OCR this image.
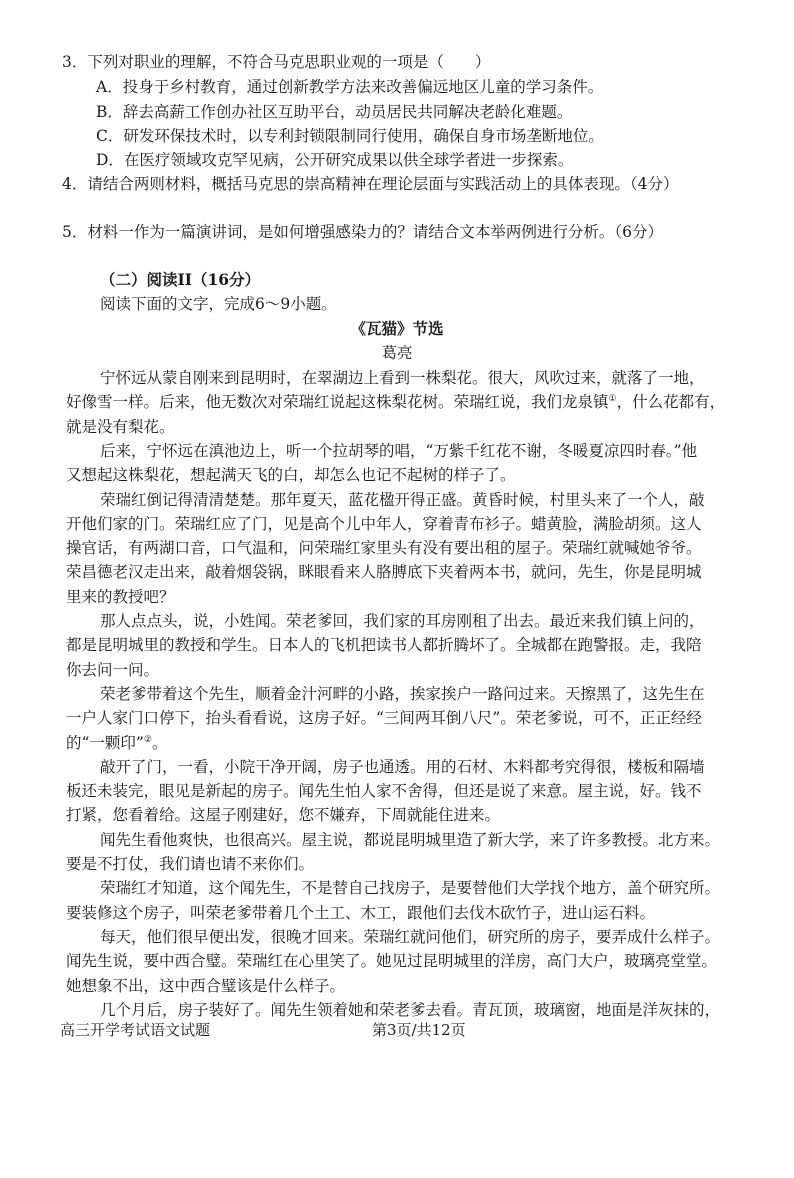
3．下列对职业的理解，不符合马克思职业观的一项是（　　）
A．投身于乡村教育，通过创新教学方法来改善偏远地区儿童的学习条件。
B．辞去高薪工作创办社区互助平台，动员居民共同解决老龄化难题。
C．研发环保技术时，以专利封锁限制同行使用，确保自身市场垄断地位。
D．在医疗领域攻克罕见病，公开研究成果以供全球学者进一步探索。
4．请结合两则材料，概括马克思的崇高精神在理论层面与实践活动上的具体表现。（4分）
5．材料一作为一篇演讲词，是如何增强感染力的？请结合文本举两例进行分析。（6分）
（二）阅读II（16分）
阅读下面的文字，完成6～9小题。
《瓦猫》节选
葛亮
宁怀远从蒙自刚来到昆明时，在翠湖边上看到一株梨花。很大，风吹过来，就落了一地，
好像雪一样。后来，他无数次对荣瑞红说起这株梨花树。荣瑞红说，我们龙泉镇①，什么花都有，
就是没有梨花。
后来，宁怀远在滇池边上，听一个拉胡琴的唱，“万紫千红花不谢，冬暖夏凉四时春。”他
又想起这株梨花，想起满天飞的白，却怎么也记不起树的样子了。
荣瑞红倒记得清清楚楚。那年夏天，蓝花楹开得正盛。黄昏时候，村里头来了一个人，敲
开他们家的门。荣瑞红应了门，见是高个儿中年人，穿着青布衫子。蜡黄脸，满脸胡须。这人
操官话，有两湖口音，口气温和，问荣瑞红家里头有没有要出租的屋子。荣瑞红就喊她爷爷。
荣昌德老汉走出来，敲着烟袋锅，眯眼看来人胳膊底下夹着两本书，就问，先生，你是昆明城
里来的教授吧？
那人点点头，说，小姓闻。荣老爹回，我们家的耳房刚租了出去。最近来我们镇上问的，
都是昆明城里的教授和学生。日本人的飞机把读书人都折腾坏了。全城都在跑警报。走，我陪
你去问一问。
荣老爹带着这个先生，顺着金汁河畔的小路，挨家挨户一路问过来。天擦黑了，这先生在
一户人家门口停下，抬头看看说，这房子好。“三间两耳倒八尺”。荣老爹说，可不，正正经经
的“一颗印”②。
敲开了门，一看，小院干净开阔，房子也通透。用的石材、木料都考究得很，楼板和隔墙
板还未装完，眼见是新起的房子。闻先生怕人家不舍得，但还是说了来意。屋主说，好。钱不
打紧，您看着给。这屋子刚建好，您不嫌弃，下周就能住进来。
闻先生看他爽快，也很高兴。屋主说，都说昆明城里造了新大学，来了许多教授。北方来。
要是不打仗，我们请也请不来你们。
荣瑞红才知道，这个闻先生，不是替自己找房子，是要替他们大学找个地方，盖个研究所。
要装修这个房子，叫荣老爹带着几个土工、木工，跟他们去伐木砍竹子，进山运石料。
每天，他们很早便出发，很晚才回来。荣瑞红就问他们，研究所的房子，要弄成什么样子。
闻先生说，要中西合璧。荣瑞红在心里笑了。她见过昆明城里的洋房，高门大户，玻璃亮堂堂。
她想象不出，这中西合璧该是什么样子。
几个月后，房子装好了。闻先生领着她和荣老爹去看。青瓦顶，玻璃窗，地面是洋灰抹的，
高三开学考试语文试题	第3页/共12页
